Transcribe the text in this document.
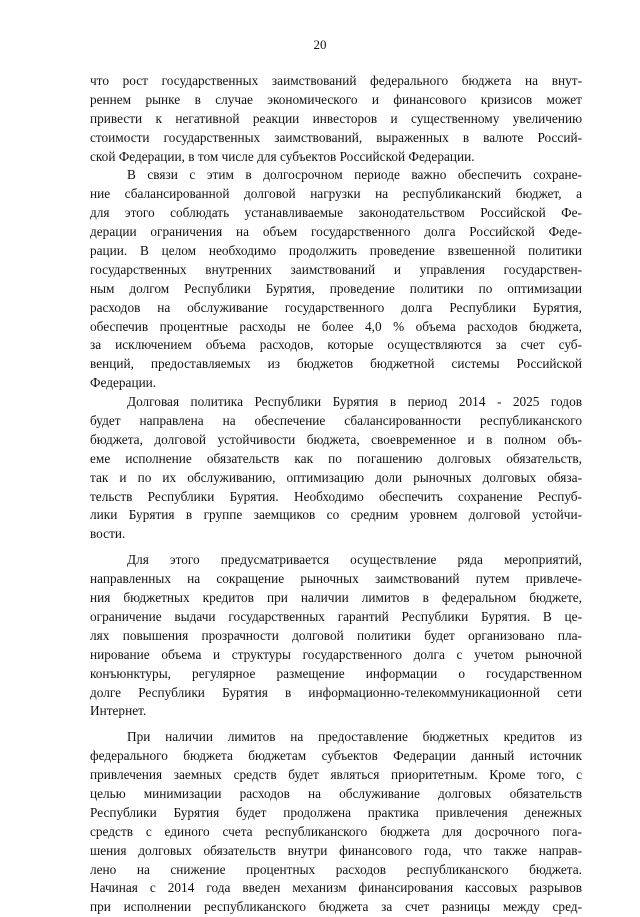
20
что рост государственных заимствований федерального бюджета на внут-
реннем рынке в случае экономического и финансового кризисов может
привести к негативной реакции инвесторов и существенному увеличению
стоимости государственных заимствований, выраженных в валюте Россий-
ской Федерации, в том числе для субъектов Российской Федерации.
В связи с этим в долгосрочном периоде важно обеспечить сохране-
ние сбалансированной долговой нагрузки на республиканский бюджет, а
для этого соблюдать устанавливаемые законодательством Российской Фе-
дерации ограничения на объем государственного долга Российской Феде-
рации. В целом необходимо продолжить проведение взвешенной политики
государственных внутренних заимствований и управления государствен-
ным долгом Республики Бурятия, проведение политики по оптимизации
расходов на обслуживание государственного долга Республики Бурятия,
обеспечив процентные расходы не более 4,0 % объема расходов бюджета,
за исключением объема расходов, которые осуществляются за счет суб-
венций, предоставляемых из бюджетов бюджетной системы Российской
Федерации.
Долговая политика Республики Бурятия в период 2014 - 2025 годов
будет направлена на обеспечение сбалансированности республиканского
бюджета, долговой устойчивости бюджета, своевременное и в полном объ-
еме исполнение обязательств как по погашению долговых обязательств,
так и по их обслуживанию, оптимизацию доли рыночных долговых обяза-
тельств Республики Бурятия. Необходимо обеспечить сохранение Респуб-
лики Бурятия в группе заемщиков со средним уровнем долговой устойчи-
вости.
Для этого предусматривается осуществление ряда мероприятий,
направленных на сокращение рыночных заимствований путем привлече-
ния бюджетных кредитов при наличии лимитов в федеральном бюджете,
ограничение выдачи государственных гарантий Республики Бурятия. В це-
лях повышения прозрачности долговой политики будет организовано пла-
нирование объема и структуры государственного долга с учетом рыночной
конъюнктуры, регулярное размещение информации о государственном
долге Республики Бурятия в информационно-телекоммуникационной сети
Интернет.
При наличии лимитов на предоставление бюджетных кредитов из
федерального бюджета бюджетам субъектов Федерации данный источник
привлечения заемных средств будет являться приоритетным. Кроме того, с
целью минимизации расходов на обслуживание долговых обязательств
Республики Бурятия будет продолжена практика привлечения денежных
средств с единого счета республиканского бюджета для досрочного пога-
шения долговых обязательств внутри финансового года, что также направ-
лено на снижение процентных расходов республиканского бюджета.
Начиная с 2014 года введен механизм финансирования кассовых разрывов
при исполнении республиканского бюджета за счет разницы между сред-
